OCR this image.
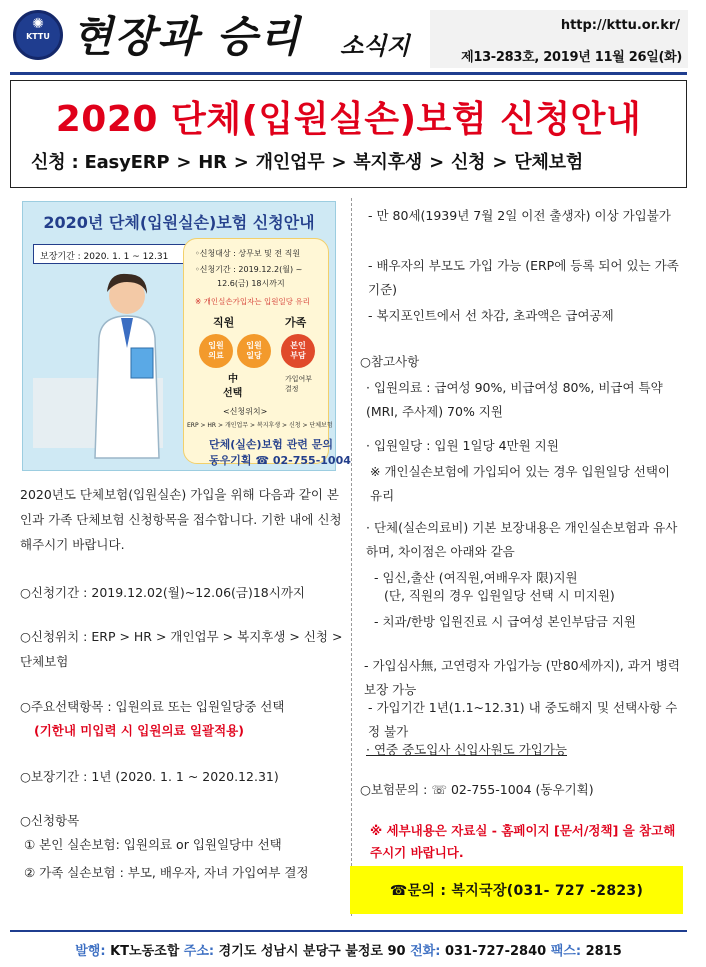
✺
KTTU 현장과 승리 소식지
http://kttu.or.kr/
제13-283호, 2019년 11월 26일(화)
2020 단체(입원실손)보험 신청안내
신청 : EasyERP > HR > 개인업무 > 복지후생 > 신청 > 단체보험
2020년 단체(입원실손)보험 신청안내
보장기간 : 2020. 1. 1 ~ 12.31	◦신청대상 : 상무보 및 전 직원
◦신청기간 : 2019.12.2(월) ~
12.6(금) 18시까지
※ 개인실손가입자는 입원일당 유리
직원	가족
입원
의료
입원
일당
본인
부담
中
선택
가입여부
결정
<신청위치>
ERP > HR > 개인업무 > 복지후생 > 신청 > 단체보험
단체(실손)보험 관련 문의
동우기획 ☎ 02-755-1004
2020년도 단체보험(입원실손) 가입을 위해 다음과 같이 본인과 가족 단체보험 신청항목을 접수합니다. 기한 내에 신청해주시기 바랍니다.
○신청기간 : 2019.12.02(월)~12.06(금)18시까지
○신청위치 : ERP > HR > 개인업무 > 복지후생 > 신청 > 단체보험
○주요선택항목 : 입원의료 또는 입원일당중 선택
(기한내 미입력 시 입원의료 일괄적용)
○보장기간 : 1년 (2020. 1. 1 ~ 2020.12.31)
○신청항목
① 본인 실손보험: 입원의료 or 입원일당中 선택
② 가족 실손보험 : 부모, 배우자, 자녀 가입여부 결정
- 만 80세(1939년 7월 2일 이전 출생자) 이상 가입불가
- 배우자의 부모도 가입 가능 (ERP에 등록 되어 있는 가족 기준)
- 복지포인트에서 선 차감, 초과액은 급여공제
○참고사항
· 입원의료 : 급여성 90%, 비급여성 80%, 비급여 특약(MRI, 주사제) 70% 지원
· 입원일당 : 입원 1일당 4만원 지원
※ 개인실손보험에 가입되어 있는 경우 입원일당 선택이 유리
· 단체(실손의료비) 기본 보장내용은 개인실손보험과 유사하며, 차이점은 아래와 같음
- 임신,출산 (여직원,여배우자 限)지원
(단, 직원의 경우 입원일당 선택 시 미지원)
- 치과/한방 입원진료 시 급여성 본인부담금 지원
- 가입심사無, 고연령자 가입가능 (만80세까지), 과거 병력 보장 가능
- 가입기간 1년(1.1~12.31) 내 중도해지 및 선택사항 수정 불가
· 연중 중도입사 신입사원도 가입가능
○보험문의 : ☏ 02-755-1004 (동우기획)
※ 세부내용은 자료실 - 홈페이지 [문서/정책] 을 참고해주시기 바랍니다.
☎문의 : 복지국장(031- 727 -2823)
발행: KT노동조합 주소: 경기도 성남시 분당구 불정로 90 전화: 031-727-2840 팩스: 2815
